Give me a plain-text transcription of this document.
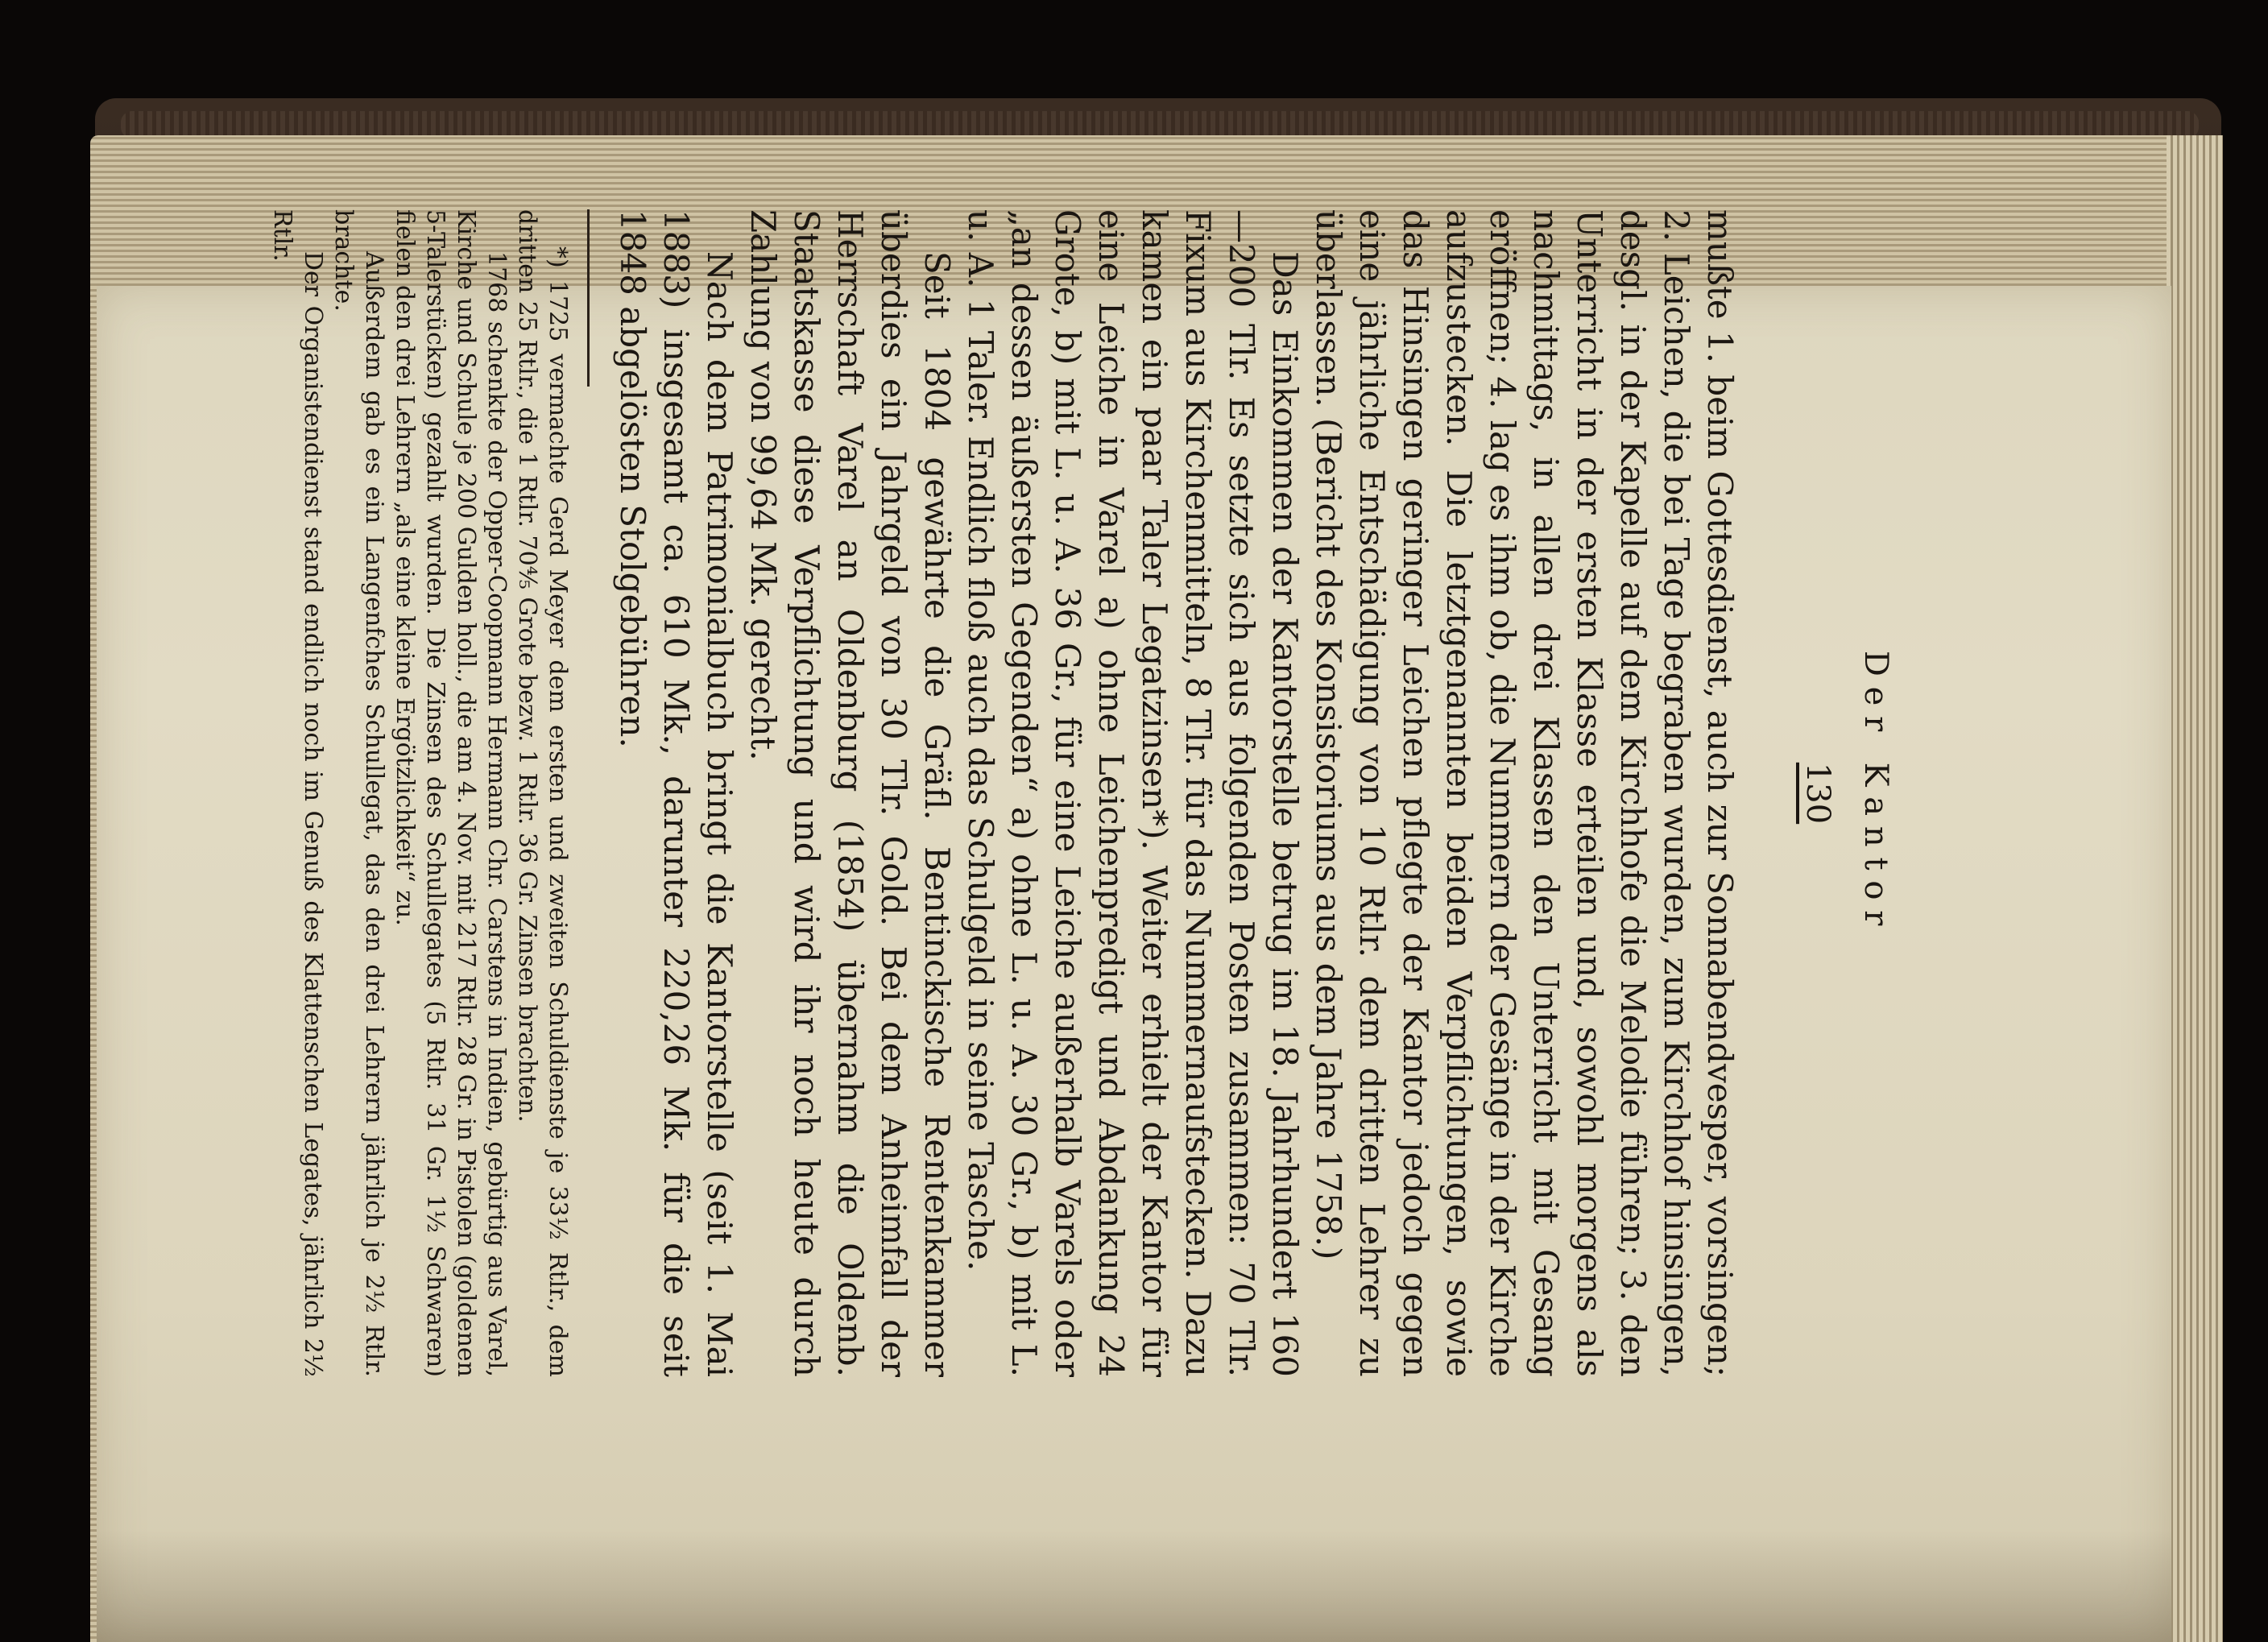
Der Kantor
130

mußte 1. beim Gottesdienst, auch zur Sonnabendvesper, vorsingen; 2. Leichen, die bei Tage begraben wurden, zum Kirchhof hinsingen, desgl. in der Kapelle auf dem Kirchhofe die Melodie führen; 3. den Unterricht in der ersten Klasse erteilen und, sowohl morgens als nachmittags, in allen drei Klassen den Unterricht mit Gesang eröffnen; 4. lag es ihm ob, die Nummern der Gesänge in der Kirche aufzustecken. Die letztgenannten beiden Verpflichtungen, sowie das Hinsingen geringer Leichen pflegte der Kantor jedoch gegen eine jährliche Entschädigung von 10 Rtlr. dem dritten Lehrer zu überlassen. (Bericht des Konsistoriums aus dem Jahre 1758.)

Das Einkommen der Kantorstelle betrug im 18. Jahrhundert 160—200 Tlr. Es setzte sich aus folgenden Posten zusammen: 70 Tlr. Fixum aus Kirchenmitteln, 8 Tlr. für das Nummernaufstecken. Dazu kamen ein paar Taler Legatzinsen*). Weiter erhielt der Kantor für eine Leiche in Varel a) ohne Leichenpredigt und Abdankung 24 Grote, b) mit L. u. A. 36 Gr., für eine Leiche außerhalb Varels oder „an dessen äußersten Gegenden“ a) ohne L. u. A. 30 Gr., b) mit L. u. A. 1 Taler. Endlich floß auch das Schulgeld in seine Tasche.

Seit 1804 gewährte die Gräfl. Bentinckische Rentenkammer überdies ein Jahrgeld von 30 Tlr. Gold. Bei dem Anheimfall der Herrschaft Varel an Oldenburg (1854) übernahm die Oldenb. Staatskasse diese Verpflichtung und wird ihr noch heute durch Zahlung von 99,64 Mk. gerecht.

Nach dem Patrimonialbuch bringt die Kantorstelle (seit 1. Mai 1883) insgesamt ca. 610 Mk., darunter 220,26 Mk. für die seit 1848 abgelösten Stolgebühren.

*) 1725 vermachte Gerd Meyer dem ersten und zweiten Schuldienste je 33½ Rtlr., dem dritten 25 Rtlr., die 1 Rtlr. 70⅘ Grote bezw. 1 Rtlr. 36 Gr. Zinsen brachten.

1768 schenkte der Opper-Coopmann Hermann Chr. Carstens in Indien, gebürtig aus Varel, Kirche und Schule je 200 Gulden holl., die am 4. Nov. mit 217 Rtlr. 28 Gr. in Pistolen (goldenen 5-Talerstücken) gezahlt wurden. Die Zinsen des Schullegates (5 Rtlr. 31 Gr. 1½ Schwaren) fielen den drei Lehrern „als eine kleine Ergötzlichkeit“ zu.

Außerdem gab es ein Langenfches Schullegat, das den drei Lehrern jährlich je 2½ Rtlr. brachte.

Der Organistendienst stand endlich noch im Genuß des Klattenschen Legates, jährlich 2½ Rtlr.
